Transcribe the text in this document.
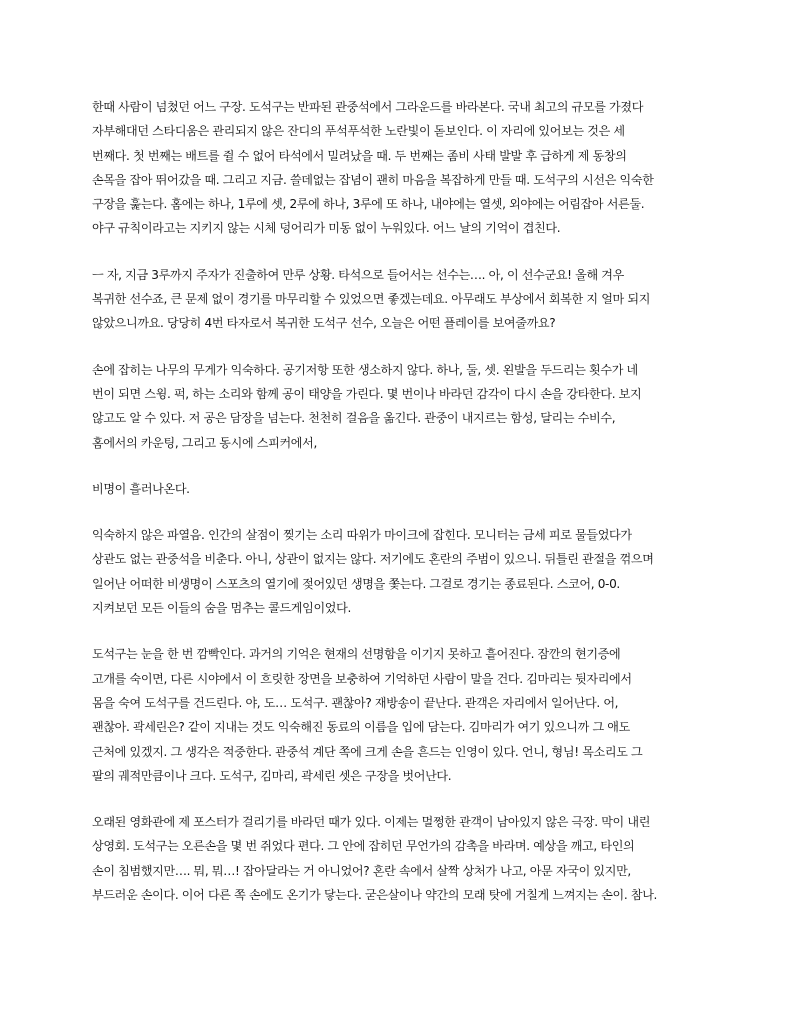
한때 사람이 넘쳤던 어느 구장. 도석구는 반파된 관중석에서 그라운드를 바라본다. 국내 최고의 규모를 가졌다
자부해대던 스타디움은 관리되지 않은 잔디의 푸석푸석한 노란빛이 돋보인다. 이 자리에 있어보는 것은 세
번째다. 첫 번째는 배트를 쥘 수 없어 타석에서 밀려났을 때. 두 번째는 좀비 사태 발발 후 급하게 제 동창의
손목을 잡아 뛰어갔을 때. 그리고 지금. 쓸데없는 잡념이 괜히 마음을 복잡하게 만들 때. 도석구의 시선은 익숙한
구장을 훑는다. 홈에는 하나, 1루에 셋, 2루에 하나, 3루에 또 하나, 내야에는 열셋, 외야에는 어림잡아 서른둘.
야구 규칙이라고는 지키지 않는 시체 덩어리가 미동 없이 누워있다. 어느 날의 기억이 겹친다.
ㅡ 자, 지금 3루까지 주자가 진출하여 만루 상황. 타석으로 들어서는 선수는…. 아, 이 선수군요! 올해 겨우
복귀한 선수죠, 큰 문제 없이 경기를 마무리할 수 있었으면 좋겠는데요. 아무래도 부상에서 회복한 지 얼마 되지
않았으니까요. 당당히 4번 타자로서 복귀한 도석구 선수, 오늘은 어떤 플레이를 보여줄까요?
손에 잡히는 나무의 무게가 익숙하다. 공기저항 또한 생소하지 않다. 하나, 둘, 셋. 왼발을 두드리는 횟수가 네
번이 되면 스윙. 퍽, 하는 소리와 함께 공이 태양을 가린다. 몇 번이나 바라던 감각이 다시 손을 강타한다. 보지
않고도 알 수 있다. 저 공은 담장을 넘는다. 천천히 걸음을 옮긴다. 관중이 내지르는 함성, 달리는 수비수,
홈에서의 카운팅, 그리고 동시에 스피커에서,
비명이 흘러나온다.
익숙하지 않은 파열음. 인간의 살점이 찢기는 소리 따위가 마이크에 잡힌다. 모니터는 금세 피로 물들었다가
상관도 없는 관중석을 비춘다. 아니, 상관이 없지는 않다. 저기에도 혼란의 주범이 있으니. 뒤틀린 관절을 꺾으며
일어난 어떠한 비생명이 스포츠의 열기에 젖어있던 생명을 쫓는다. 그걸로 경기는 종료된다. 스코어, 0-0.
지켜보던 모든 이들의 숨을 멈추는 콜드게임이었다.
도석구는 눈을 한 번 깜빡인다. 과거의 기억은 현재의 선명함을 이기지 못하고 흩어진다. 잠깐의 현기증에
고개를 숙이면, 다른 시야에서 이 흐릿한 장면을 보충하여 기억하던 사람이 말을 건다. 김마리는 뒷자리에서
몸을 숙여 도석구를 건드린다. 야, 도… 도석구. 괜찮아? 재방송이 끝난다. 관객은 자리에서 일어난다. 어,
괜찮아. 곽세린은? 같이 지내는 것도 익숙해진 동료의 이름을 입에 담는다. 김마리가 여기 있으니까 그 애도
근처에 있겠지. 그 생각은 적중한다. 관중석 계단 쪽에 크게 손을 흔드는 인영이 있다. 언니, 형님! 목소리도 그
팔의 궤적만큼이나 크다. 도석구, 김마리, 곽세린 셋은 구장을 벗어난다.
오래된 영화관에 제 포스터가 걸리기를 바라던 때가 있다. 이제는 멀쩡한 관객이 남아있지 않은 극장. 막이 내린
상영회. 도석구는 오른손을 몇 번 쥐었다 편다. 그 안에 잡히던 무언가의 감촉을 바라며. 예상을 깨고, 타인의
손이 침범했지만…. 뭐, 뭐…! 잡아달라는 거 아니었어? 혼란 속에서 살짝 상처가 나고, 아문 자국이 있지만,
부드러운 손이다. 이어 다른 쪽 손에도 온기가 닿는다. 굳은살이나 약간의 모래 탓에 거칠게 느껴지는 손이. 참나.
